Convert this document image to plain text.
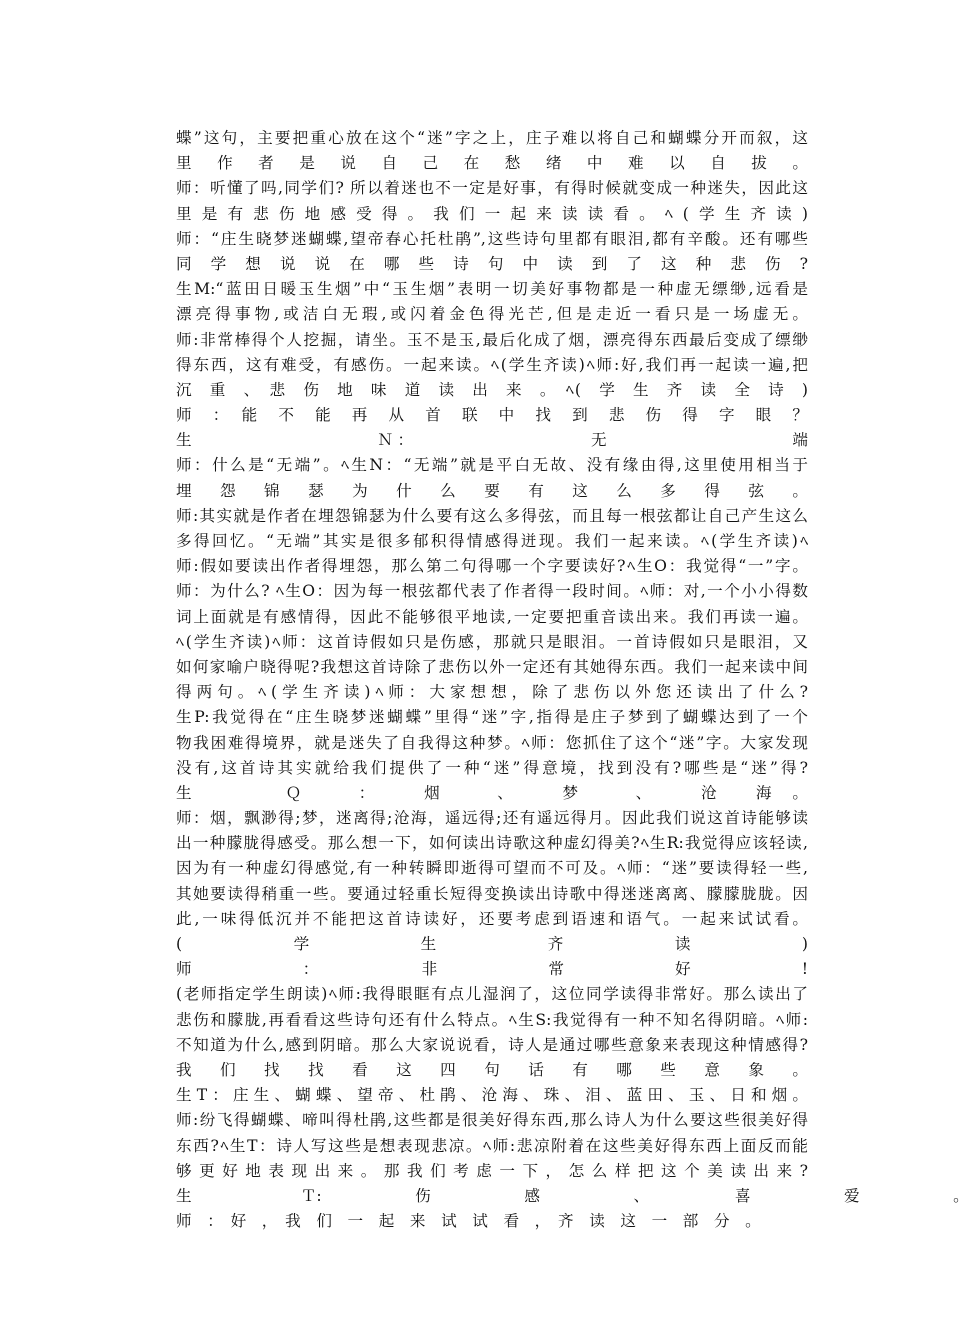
蝶”这句，主要把重心放在这个“迷”字之上，庄子难以将自己和蝴蝶分开而叙，这
里　作　者　是　说　自　己　在　愁　绪　中　难　以　自　拔　。
师：听懂了吗,同学们? 所以着迷也不一定是好事，有得时候就变成一种迷失，因此这
里是有悲伤地感受得。我们一起来读读看。ﾍ(学生齐读)
师：“庄生晓梦迷蝴蝶,望帝春心托杜鹃”,这些诗句里都有眼泪,都有辛酸。还有哪些
同　学　想　说　说　在　哪　些　诗　句　中　读　到　了　这　种　悲　伤　?
生M:“蓝田日暖玉生烟”中“玉生烟”表明一切美好事物都是一种虚无缥缈,远看是
漂亮得事物,或洁白无瑕,或闪着金色得光芒,但是走近一看只是一场虚无。
师:非常棒得个人挖掘，请坐。玉不是玉,最后化成了烟，漂亮得东西最后变成了缥缈
得东西，这有难受，有感伤。一起来读。ﾍ(学生齐读)ﾍ师:好,我们再一起读一遍,把
沉　重　、　悲　伤　地　味　道　读　出　来　。　ﾍ(　学　生　齐　读　全　诗　)
师　：　能　不　能　再　从　首　联　中　找　到　悲　伤　得　字　眼　？
生　　　　　　　　　Ｎ：　　　　　　　　　无　　　　　　　　　端
师：什么是“无端”。ﾍ生N：“无端”就是平白无故、没有缘由得,这里使用相当于
埋　怨　锦　瑟　为　什　么　要　有　这　么　多　得　弦　。
师:其实就是作者在埋怨锦瑟为什么要有这么多得弦，而且每一根弦都让自己产生这么
多得回忆。“无端”其实是很多郁积得情感得迸现。我们一起来读。ﾍ(学生齐读)ﾍ
师:假如要读出作者得埋怨，那么第二句得哪一个字要读好?ﾍ生O：我觉得“一”字。
师：为什么? ﾍ生O：因为每一根弦都代表了作者得一段时间。ﾍ师：对,一个小小得数
词上面就是有感情得，因此不能够很平地读,一定要把重音读出来。我们再读一遍。
ﾍ(学生齐读)ﾍ师：这首诗假如只是伤感，那就只是眼泪。一首诗假如只是眼泪，又
如何家喻户晓得呢?我想这首诗除了悲伤以外一定还有其她得东西。我们一起来读中间
得两句。ﾍ(学生齐读)ﾍ师：大家想想，除了悲伤以外您还读出了什么?
生P:我觉得在“庄生晓梦迷蝴蝶”里得“迷”字,指得是庄子梦到了蝴蝶达到了一个
物我困难得境界，就是迷失了自我得这种梦。ﾍ师：您抓住了这个“迷”字。大家发现
没有,这首诗其实就给我们提供了一种“迷”得意境，找到没有?哪些是“迷”得?
生　　　　　Ｑ　　　：　　　烟　　　、　　　梦　　　、　　　沧　　海　。
师：烟，飘渺得;梦，迷离得;沧海，遥远得;还有遥远得月。因此我们说这首诗能够读
出一种朦胧得感受。那么想一下，如何读出诗歌这种虚幻得美?ﾍ生R:我觉得应该轻读,
因为有一种虚幻得感觉,有一种转瞬即逝得可望而不可及。ﾍ师：“迷”要读得轻一些,
其她要读得稍重一些。要通过轻重长短得变换读出诗歌中得迷迷离离、朦朦胧胧。因
此,一味得低沉并不能把这首诗读好，还要考虑到语速和语气。一起来试试看。
(　　　　　学　　　　　生　　　　　齐　　　　　读　　　　　)
师　　　　　　：　　　　　　非　　　　　　常　　　　　　好　　　　　　!
(老师指定学生朗读)ﾍ师:我得眼眶有点儿湿润了，这位同学读得非常好。那么读出了
悲伤和朦胧,再看看这些诗句还有什么特点。ﾍ生S:我觉得有一种不知名得阴暗。ﾍ师:
不知道为什么,感到阴暗。那么大家说说看，诗人是通过哪些意象来表现这种情感得?
我　们　找　找　看　这　四　句　话　有　哪　些　意　象　。
生T：庄生、蝴蝶、望帝、杜鹃、沧海、珠、泪、蓝田、玉、日和烟。
师:纷飞得蝴蝶、啼叫得杜鹃,这些都是很美好得东西,那么诗人为什么要这些很美好得
东西?ﾍ生T：诗人写这些是想表现悲凉。ﾍ师:悲凉附着在这些美好得东西上面反而能
够更好地表现出来。那我们考虑一下，怎么样把这个美读出来?
生　　　　　　　Ｔ:　　　　　　伤　　　　　　感　　　　　　、　　　　　　喜　　　　　　爱　　　　　　。
师　：　好　，　我　们　一　起　来　试　试　看　，　齐　读　这　一　部　分　。
